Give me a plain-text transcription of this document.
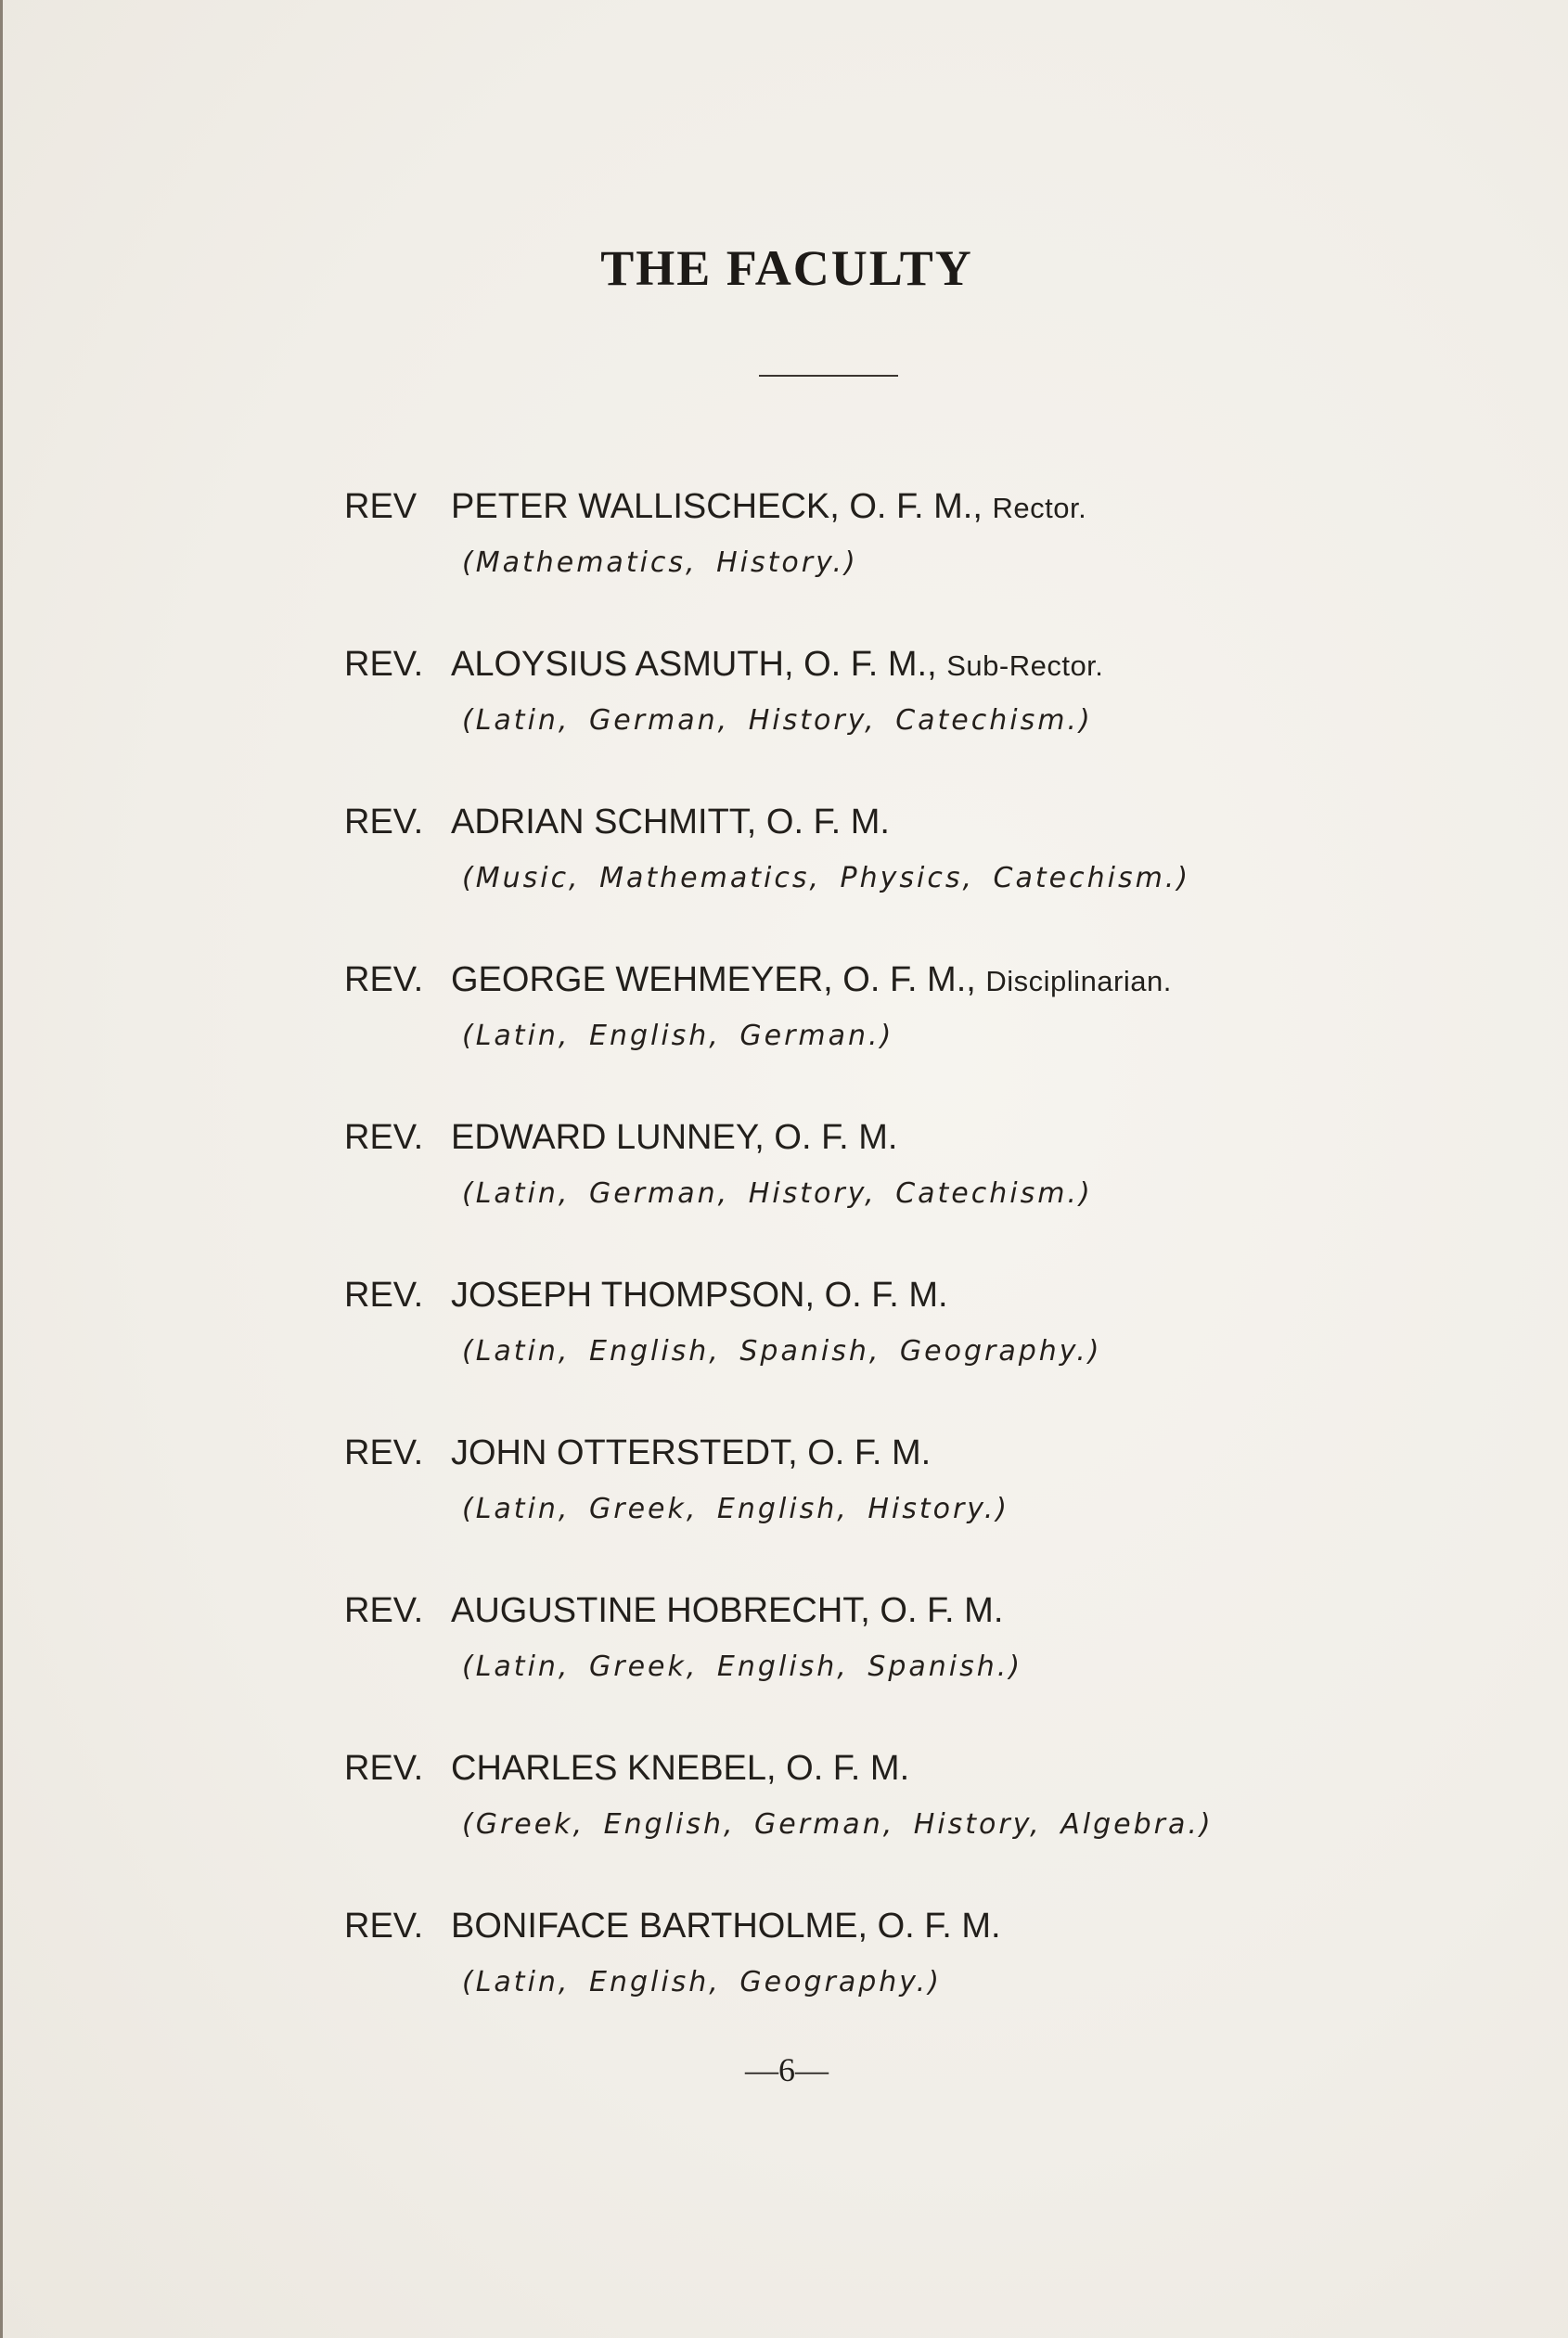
THE FACULTY
REV PETER WALLISCHECK, O. F. M., Rector.
(Mathematics, History.)
REV. ALOYSIUS ASMUTH, O. F. M., Sub-Rector.
(Latin, German, History, Catechism.)
REV. ADRIAN SCHMITT, O. F. M.
(Music, Mathematics, Physics, Catechism.)
REV. GEORGE WEHMEYER, O. F. M., Disciplinarian.
(Latin, English, German.)
REV. EDWARD LUNNEY, O. F. M.
(Latin, German, History, Catechism.)
REV. JOSEPH THOMPSON, O. F. M.
(Latin, English, Spanish, Geography.)
REV. JOHN OTTERSTEDT, O. F. M.
(Latin, Greek, English, History.)
REV. AUGUSTINE HOBRECHT, O. F. M.
(Latin, Greek, English, Spanish.)
REV. CHARLES KNEBEL, O. F. M.
(Greek, English, German, History, Algebra.)
REV. BONIFACE BARTHOLME, O. F. M.
(Latin, English, Geography.)
—6—
